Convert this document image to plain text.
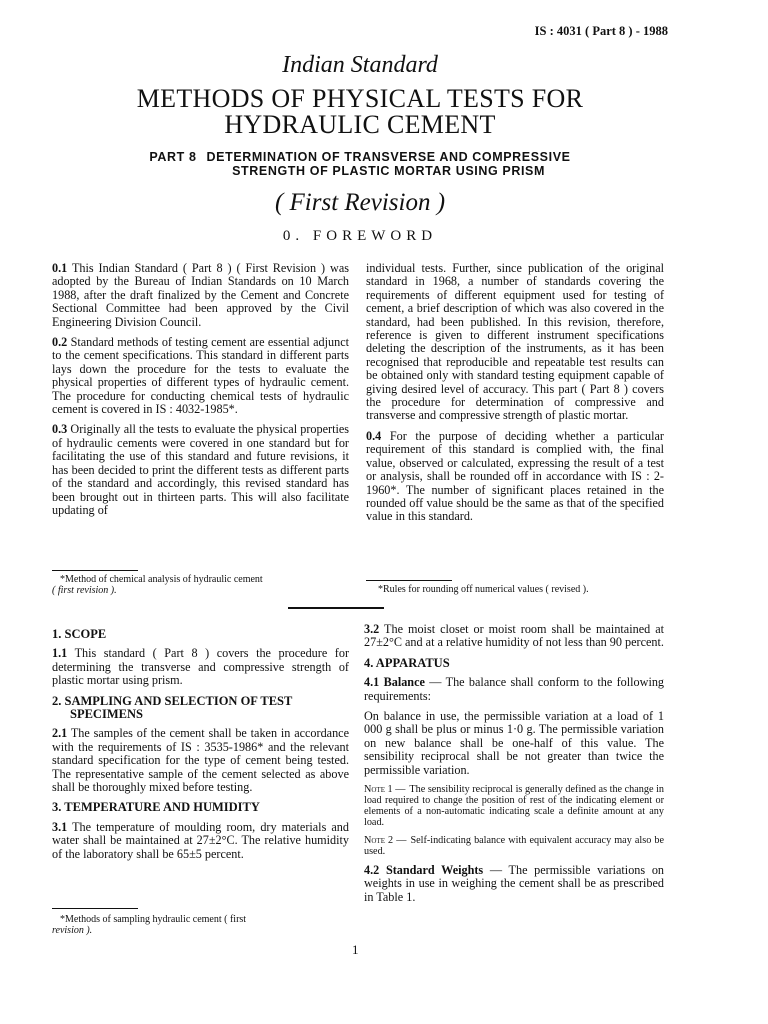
IS : 4031 ( Part 8 ) - 1988
Indian Standard
METHODS OF PHYSICAL TESTS FOR
HYDRAULIC CEMENT
PART 8 DETERMINATION OF TRANSVERSE AND COMPRESSIVE
STRENGTH OF PLASTIC MORTAR USING PRISM
( First Revision )
0. FOREWORD

0.1 This Indian Standard ( Part 8 ) ( First Revision ) was adopted by the Bureau of Indian Standards on 10 March 1988, after the draft finalized by the Cement and Concrete Sectional Committee had been approved by the Civil Engineering Division Council.

0.2 Standard methods of testing cement are essential adjunct to the cement specifications. This standard in different parts lays down the procedure for the tests to evaluate the physical properties of different types of hydraulic cement. The procedure for conducting chemical tests of hydraulic cement is covered in IS : 4032-1985*.

0.3 Originally all the tests to evaluate the physical properties of hydraulic cements were covered in one standard but for facilitating the use of this standard and future revisions, it has been decided to print the different tests as different parts of the standard and accordingly, this revised standard has been brought out in thirteen parts. This will also facilitate updating of

*Method of chemical analysis of hydraulic cement
( first revision ).

individual tests. Further, since publication of the original standard in 1968, a number of standards covering the requirements of different equipment used for testing of cement, a brief description of which was also covered in the standard, had been published. In this revision, therefore, reference is given to different instrument specifications deleting the description of the instruments, as it has been recognised that reproducible and repeatable test results can be obtained only with standard testing equipment capable of giving desired level of accuracy. This part ( Part 8 ) covers the procedure for determination of compressive and transverse and compressive strength of plastic mortar.

0.4 For the purpose of deciding whether a particular requirement of this standard is complied with, the final value, observed or calculated, expressing the result of a test or analysis, shall be rounded off in accordance with IS : 2-1960*. The number of significant places retained in the rounded off value should be the same as that of the specified value in this standard.

*Rules for rounding off numerical values ( revised ).
1. SCOPE

1.1 This standard ( Part 8 ) covers the procedure for determining the transverse and compressive strength of plastic mortar using prism.

2. SAMPLING AND SELECTION OF TEST SPECIMENS

2.1 The samples of the cement shall be taken in accordance with the requirements of IS : 3535-1986* and the relevant standard specification for the type of cement being tested. The representative sample of the cement selected as above shall be thoroughly mixed before testing.

3. TEMPERATURE AND HUMIDITY

3.1 The temperature of moulding room, dry materials and water shall be maintained at 27±2°C. The relative humidity of the laboratory shall be 65±5 percent.

*Methods of sampling hydraulic cement ( first
revision ).

3.2 The moist closet or moist room shall be maintained at 27±2°C and at a relative humidity of not less than 90 percent.

4. APPARATUS

4.1 Balance — The balance shall conform to the following requirements:

On balance in use, the permissible variation at a load of 1 000 g shall be plus or minus 1·0 g. The permissible variation on new balance shall be one-half of this value. The sensibility reciprocal shall be not greater than twice the permissible variation.

Note 1 — The sensibility reciprocal is generally defined as the change in load required to change the position of rest of the indicating element or elements of a non-automatic indicating scale a definite amount at any load.

Note 2 — Self-indicating balance with equivalent accuracy may also be used.

4.2 Standard Weights — The permissible variations on weights in use in weighing the cement shall be as prescribed in Table 1.

1
